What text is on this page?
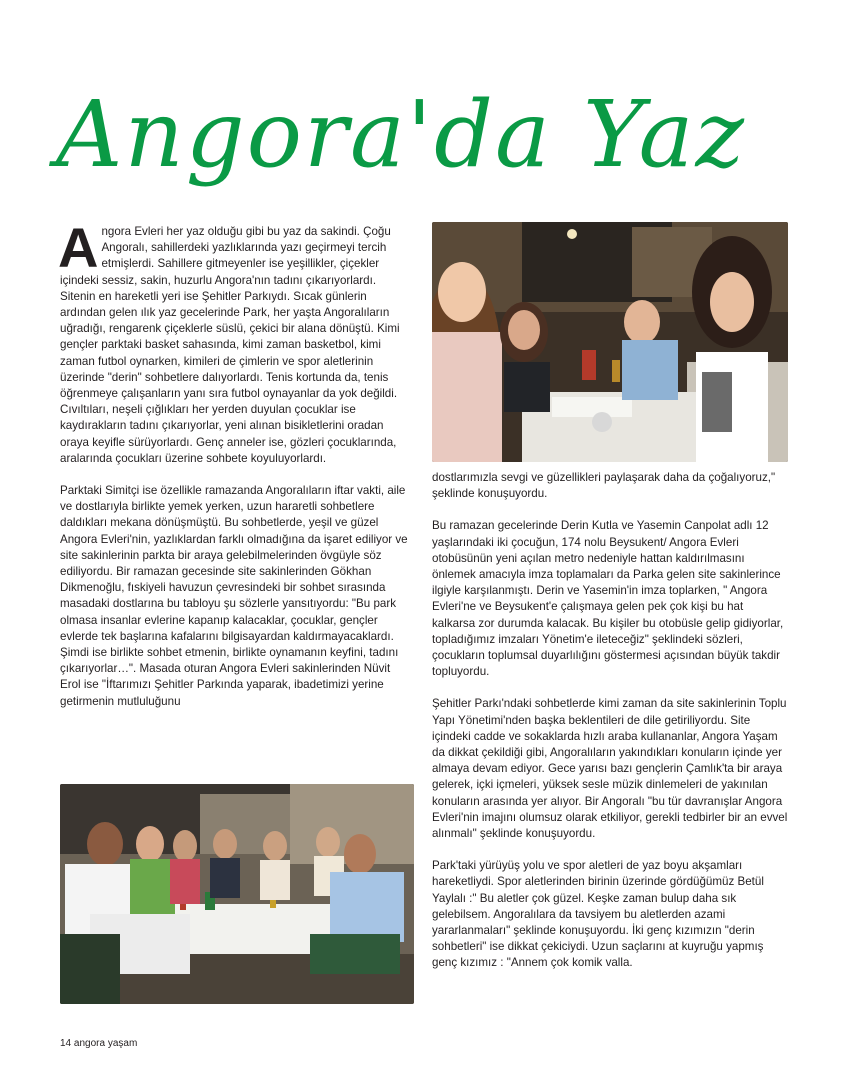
Angora'da Yaz

Angora Evleri her yaz olduğu gibi bu yaz da sakindi. Çoğu Angoralı, sahillerdeki yazlıklarında yazı geçirmeyi tercih etmişlerdi. Sahillere gitmeyenler ise yeşillikler, çiçekler içindeki sessiz, sakin, huzurlu Angora'nın tadını çıkarıyorlardı. Sitenin en hareketli yeri ise Şehitler Parkıydı. Sıcak günlerin ardından gelen ılık yaz gecelerinde Park, her yaşta Angoralıların uğradığı, rengarenk çiçeklerle süslü, çekici bir alana dönüştü. Kimi gençler parktaki basket sahasında, kimi zaman basketbol, kimi zaman futbol oynarken, kimileri de çimlerin ve spor aletlerinin üzerinde "derin" sohbetlere dalıyorlardı. Tenis kortunda da, tenis öğrenmeye çalışanların yanı sıra futbol oynayanlar da yok değildi. Cıvıltıları, neşeli çığlıkları her yerden duyulan çocuklar ise kaydırakların tadını çıkarıyorlar, yeni alınan bisikletlerini oradan oraya keyifle sürüyorlardı. Genç anneler ise, gözleri çocuklarında, aralarında çocukları üzerine sohbete koyuluyorlardı.

Parktaki Simitçi ise özellikle ramazanda Angoralıların iftar vakti, aile ve dostlarıyla birlikte yemek yerken, uzun hararetli sohbetlere daldıkları mekana dönüşmüştü. Bu sohbetlerde, yeşil ve güzel Angora Evleri'nin, yazlıklardan farklı olmadığına da işaret ediliyor ve site sakinlerinin parkta bir araya gelebilmelerinden övgüyle söz ediliyordu. Bir ramazan gecesinde site sakinlerinden Gökhan Dikmenoğlu, fıskiyeli havuzun çevresindeki bir sohbet sırasında masadaki dostlarına bu tabloyu şu sözlerle yansıtıyordu: "Bu park olmasa insanlar evlerine kapanıp kalacaklar, çocuklar, gençler evlerde tek başlarına kafalarını bilgisayardan kaldırmayacaklardı. Şimdi ise birlikte sohbet etmenin, birlikte oynamanın keyfini, tadını çıkarıyorlar…". Masada oturan Angora Evleri sakinlerinden Nüvit Erol ise "İftarımızı Şehitler Parkında yaparak, ibadetimizi yerine getirmenin mutluluğunu

dostlarımızla sevgi ve güzellikleri paylaşarak daha da çoğalıyoruz," şeklinde konuşuyordu.

Bu ramazan gecelerinde Derin Kutla ve Yasemin Canpolat adlı 12 yaşlarındaki iki çocuğun, 174 nolu Beysukent/ Angora Evleri otobüsünün yeni açılan metro nedeniyle hattan kaldırılmasını önlemek amacıyla imza toplamaları da Parka gelen site sakinlerince ilgiyle karşılanmıştı. Derin ve Yasemin'in imza toplarken, " Angora Evleri'ne ve Beysukent'e çalışmaya gelen pek çok kişi bu hat kalkarsa zor durumda kalacak. Bu kişiler bu otobüsle gelip gidiyorlar, topladığımız imzaları Yönetim'e ileteceğiz" şeklindeki sözleri, çocukların toplumsal duyarlılığını göstermesi açısından büyük takdir topluyordu.

Şehitler Parkı'ndaki sohbetlerde kimi zaman da site sakinlerinin Toplu Yapı Yönetimi'nden başka beklentileri de dile getiriliyordu. Site içindeki cadde ve sokaklarda hızlı araba kullananlar, Angora Yaşam da dikkat çekildiği gibi, Angoralıların yakındıkları konuların içinde yer almaya devam ediyor. Gece yarısı bazı gençlerin Çamlık'ta bir araya gelerek, içki içmeleri, yüksek sesle müzik dinlemeleri de yakınılan konuların arasında yer alıyor. Bir Angoralı "bu tür davranışlar Angora Evleri'nin imajını olumsuz olarak etkiliyor, gerekli tedbirler bir an evvel alınmalı" şeklinde konuşuyordu.

Park'taki yürüyüş yolu ve spor aletleri de yaz boyu akşamları hareketliydi. Spor aletlerinden birinin üzerinde gördüğümüz Betül Yaylalı :" Bu aletler çok güzel. Keşke zaman bulup daha sık gelebilsem. Angoralılara da tavsiyem bu aletlerden azami yararlanmaları" şeklinde konuşuyordu. İki genç kızımızın "derin sohbetleri" ise dikkat çekiciydi. Uzun saçlarını at kuyruğu yapmış genç kızımız : "Annem çok komik valla.

14 angora yaşam
